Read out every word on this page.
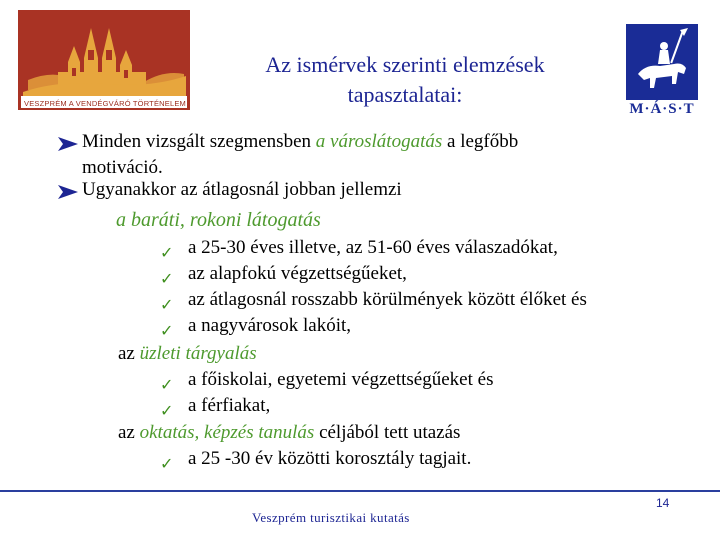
VESZPRÉM A VENDÉGVÁRÓ TÖRTÉNELEM
Az ismérvek szerinti elemzések
tapasztalatai:
M·Á·S·T
Minden vizsgált szegmensben a városlátogatás a legfőbb
motiváció.
Ugyanakkor az átlagosnál jobban jellemzi
a baráti, rokoni látogatás
✓ a 25-30 éves illetve, az 51-60 éves válaszadókat,
✓ az alapfokú végzettségűeket,
✓ az átlagosnál rosszabb körülmények között élőket és
✓ a nagyvárosok lakóit,
az üzleti tárgyalás
✓ a főiskolai, egyetemi végzettségűeket és
✓ a férfiakat,
az oktatás, képzés tanulás céljából tett utazás
✓ a 25 -30 év közötti korosztály tagjait.
Veszprém turisztikai kutatás
14
